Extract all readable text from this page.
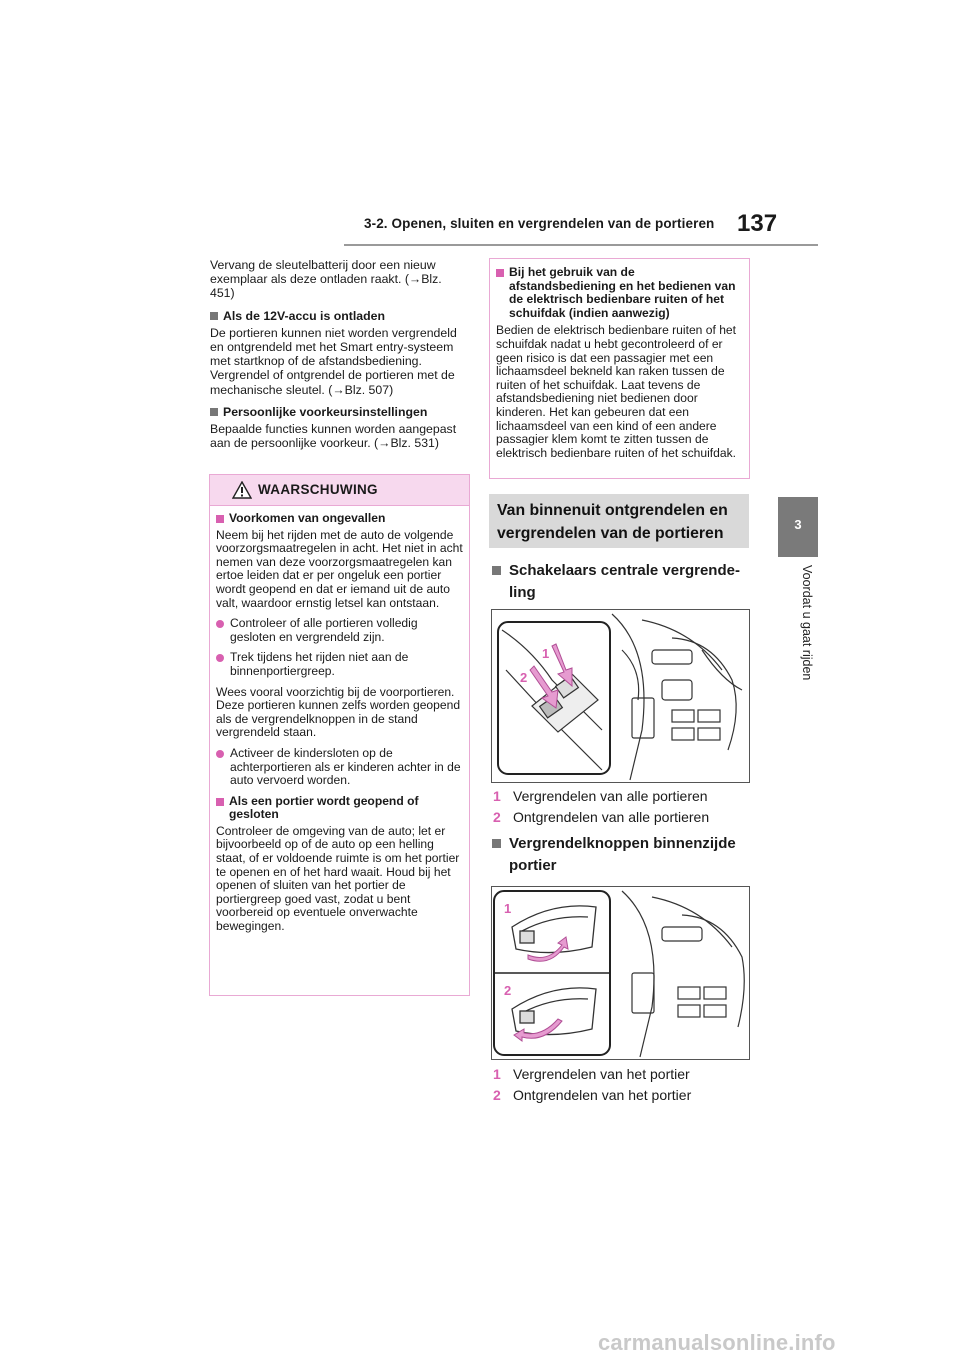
3-2. Openen, sluiten en vergrendelen van de portieren 137
3
Voordat u gaat rijden

Vervang de sleutelbatterij door een nieuw exemplaar als deze ontladen raakt. (→Blz. 451)

Als de 12V-accu is ontladen

De portieren kunnen niet worden vergrendeld en ontgrendeld met het Smart entry-systeem met startknop of de afstandsbediening. Vergrendel of ontgrendel de portieren met de mechanische sleutel. (→Blz. 507)

Persoonlijke voorkeursinstellingen

Bepaalde functies kunnen worden aangepast aan de persoonlijke voorkeur. (→Blz. 531)

WAARSCHUWING
Voorkomen van ongevallen

Neem bij het rijden met de auto de volgende voorzorgsmaatregelen in acht. Het niet in acht nemen van deze voorzorgsmaatregelen kan ertoe leiden dat er per ongeluk een portier wordt geopend en dat er iemand uit de auto valt, waardoor ernstig letsel kan ontstaan.

Controleer of alle portieren volledig gesloten en vergrendeld zijn.
Trek tijdens het rijden niet aan de binnenportiergreep.

Wees vooral voorzichtig bij de voorportieren. Deze portieren kunnen zelfs worden geopend als de vergrendelknoppen in de stand vergrendeld staan.

Activeer de kindersloten op de achterportieren als er kinderen achter in de auto vervoerd worden.
Als een portier wordt geopend of gesloten

Controleer de omgeving van de auto; let er bijvoorbeeld op of de auto op een helling staat, of er voldoende ruimte is om het portier te openen en of het hard waait. Houd bij het openen of sluiten van het portier de portiergreep goed vast, zodat u bent voorbereid op eventuele onverwachte bewegingen.

Bij het gebruik van de afstandsbediening en het bedienen van de elektrisch bedienbare ruiten of het schuifdak (indien aanwezig)

Bedien de elektrisch bedienbare ruiten of het schuifdak nadat u hebt gecontroleerd of er geen risico is dat een passagier met een lichaamsdeel bekneld kan raken tussen de ruiten of het schuifdak. Laat tevens de afstandsbediening niet bedienen door kinderen. Het kan gebeuren dat een lichaamsdeel van een kind of een andere passagier klem komt te zitten tussen de elektrisch bedienbare ruiten of het schuifdak.

Van binnenuit ontgrendelen en
vergrendelen van de portieren
Schakelaars centrale vergrende-
ling
1
2
1 Vergrendelen van alle portieren
2 Ontgrendelen van alle portieren
Vergrendelknoppen binnenzijde
portier
1
2
1 Vergrendelen van het portier
2 Ontgrendelen van het portier
carmanualsonline.info
